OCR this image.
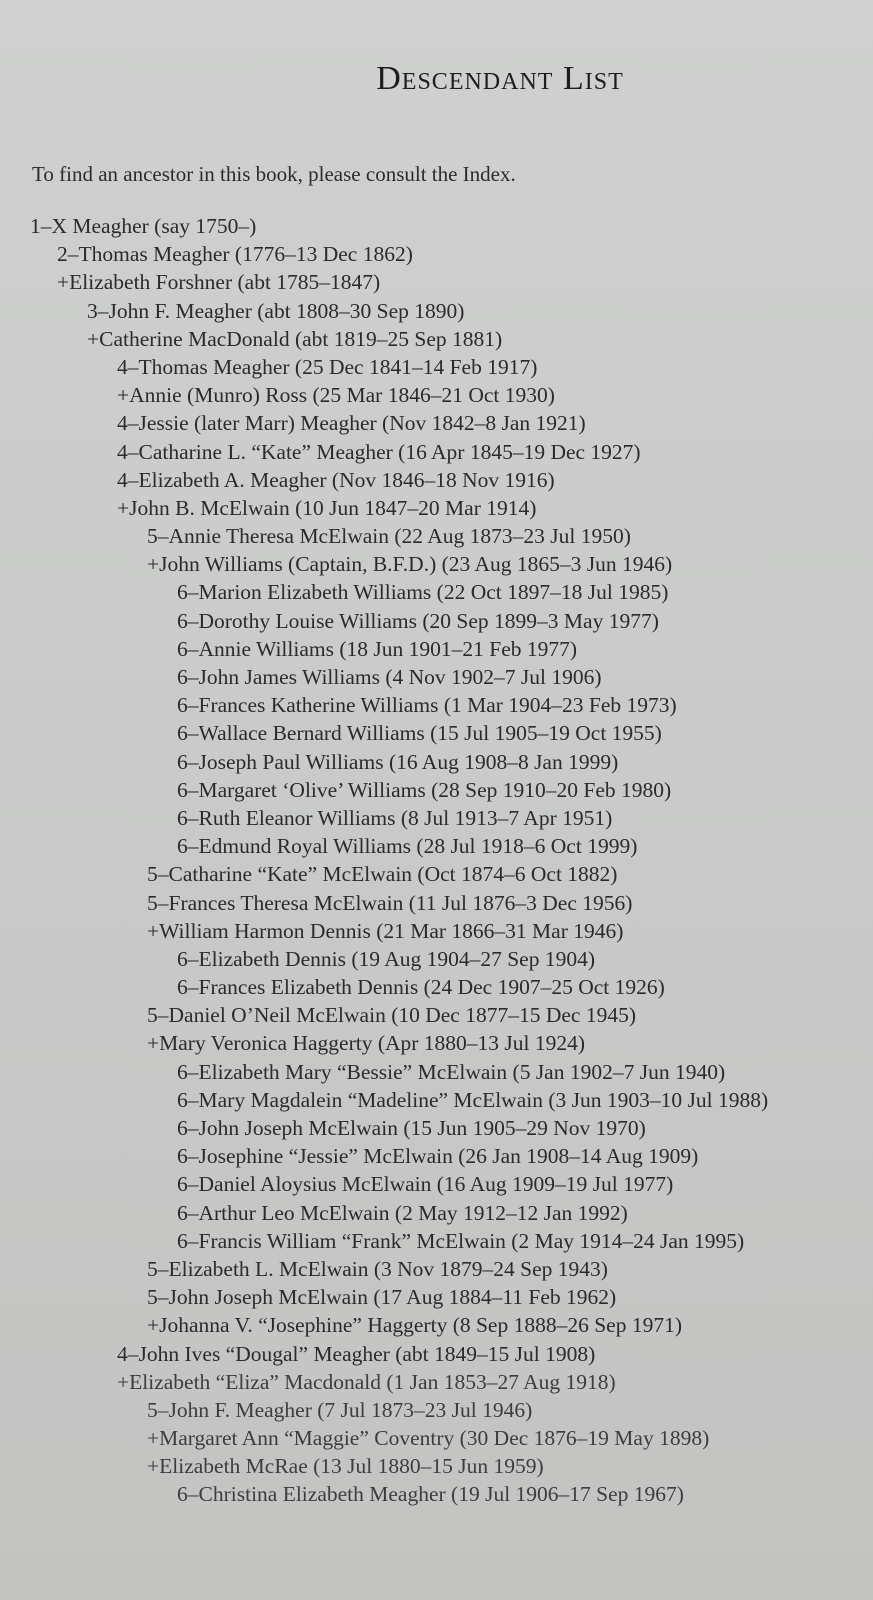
Descendant List
To find an ancestor in this book, please consult the Index.
1–X Meagher (say 1750–)
2–Thomas Meagher (1776–13 Dec 1862)
+Elizabeth Forshner (abt 1785–1847)
3–John F. Meagher (abt 1808–30 Sep 1890)
+Catherine MacDonald (abt 1819–25 Sep 1881)
4–Thomas Meagher (25 Dec 1841–14 Feb 1917)
+Annie (Munro) Ross (25 Mar 1846–21 Oct 1930)
4–Jessie (later Marr) Meagher (Nov 1842–8 Jan 1921)
4–Catharine L. “Kate” Meagher (16 Apr 1845–19 Dec 1927)
4–Elizabeth A. Meagher (Nov 1846–18 Nov 1916)
+John B. McElwain (10 Jun 1847–20 Mar 1914)
5–Annie Theresa McElwain (22 Aug 1873–23 Jul 1950)
+John Williams (Captain, B.F.D.) (23 Aug 1865–3 Jun 1946)
6–Marion Elizabeth Williams (22 Oct 1897–18 Jul 1985)
6–Dorothy Louise Williams (20 Sep 1899–3 May 1977)
6–Annie Williams (18 Jun 1901–21 Feb 1977)
6–John James Williams (4 Nov 1902–7 Jul 1906)
6–Frances Katherine Williams (1 Mar 1904–23 Feb 1973)
6–Wallace Bernard Williams (15 Jul 1905–19 Oct 1955)
6–Joseph Paul Williams (16 Aug 1908–8 Jan 1999)
6–Margaret ‘Olive’ Williams (28 Sep 1910–20 Feb 1980)
6–Ruth Eleanor Williams (8 Jul 1913–7 Apr 1951)
6–Edmund Royal Williams (28 Jul 1918–6 Oct 1999)
5–Catharine “Kate” McElwain (Oct 1874–6 Oct 1882)
5–Frances Theresa McElwain (11 Jul 1876–3 Dec 1956)
+William Harmon Dennis (21 Mar 1866–31 Mar 1946)
6–Elizabeth Dennis (19 Aug 1904–27 Sep 1904)
6–Frances Elizabeth Dennis (24 Dec 1907–25 Oct 1926)
5–Daniel O’Neil McElwain (10 Dec 1877–15 Dec 1945)
+Mary Veronica Haggerty (Apr 1880–13 Jul 1924)
6–Elizabeth Mary “Bessie” McElwain (5 Jan 1902–7 Jun 1940)
6–Mary Magdalein “Madeline” McElwain (3 Jun 1903–10 Jul 1988)
6–John Joseph McElwain (15 Jun 1905–29 Nov 1970)
6–Josephine “Jessie” McElwain (26 Jan 1908–14 Aug 1909)
6–Daniel Aloysius McElwain (16 Aug 1909–19 Jul 1977)
6–Arthur Leo McElwain (2 May 1912–12 Jan 1992)
6–Francis William “Frank” McElwain (2 May 1914–24 Jan 1995)
5–Elizabeth L. McElwain (3 Nov 1879–24 Sep 1943)
5–John Joseph McElwain (17 Aug 1884–11 Feb 1962)
+Johanna V. “Josephine” Haggerty (8 Sep 1888–26 Sep 1971)
4–John Ives “Dougal” Meagher (abt 1849–15 Jul 1908)
+Elizabeth “Eliza” Macdonald (1 Jan 1853–27 Aug 1918)
5–John F. Meagher (7 Jul 1873–23 Jul 1946)
+Margaret Ann “Maggie” Coventry (30 Dec 1876–19 May 1898)
+Elizabeth McRae (13 Jul 1880–15 Jun 1959)
6–Christina Elizabeth Meagher (19 Jul 1906–17 Sep 1967)
